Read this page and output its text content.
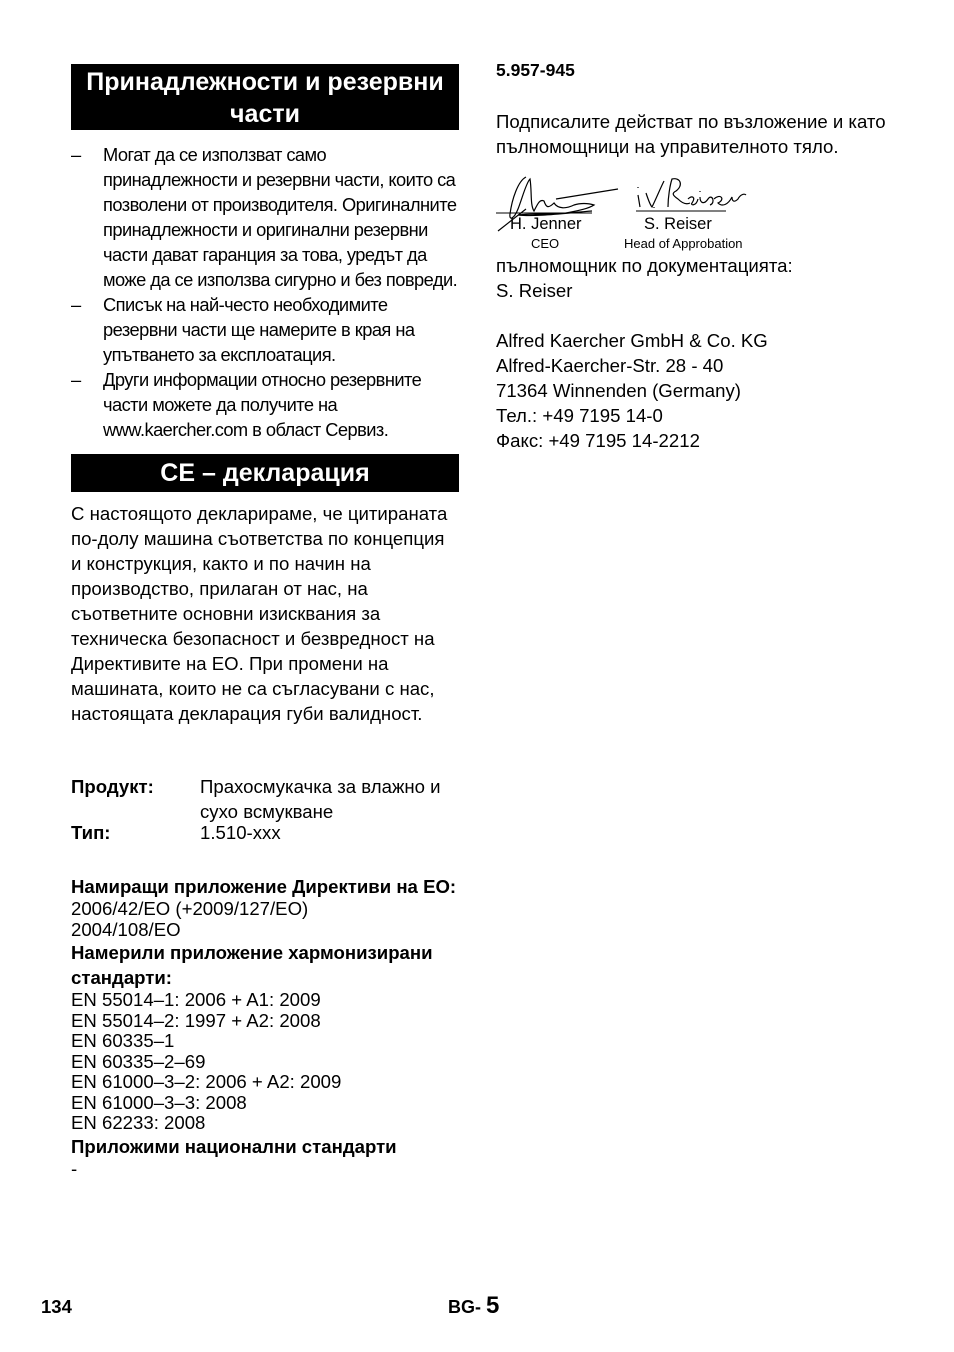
Принадлежности и резервни части
– Могат да се използват само принадлежности и резервни части, които са позволени от производителя. Оригиналните принадлежности и оригинални резервни части дават гаранция за това, уредът да може да се използва сигурно и без повреди.
– Списък на най-често необходимите резервни части ще намерите в края на упътването за експлоатация.
– Други информации относно резервните части можете да получите на www.kaercher.com в област Сервиз.
CE – декларация

С настоящото декларираме, че цитираната по-долу машина съответства по концепция и конструкция, както и по начин на производство, прилаган от нас, на съответните основни изисквания за техническа безопасност и безвредност на Директивите на ЕО. При промени на машината, които не са съгласувани с нас, настоящата декларация губи валидност.

Продукт:	Прахосмукачка за влажно и сухо всмукване
Тип:	1.510-xxx
Намиращи приложение Директиви на ЕО:
2006/42/ЕО (+2009/127/ЕО)
2004/108/ЕО
Намерили приложение хармонизирани стандарти:
EN 55014–1: 2006 + A1: 2009
EN 55014–2: 1997 + A2: 2008
EN 60335–1
EN 60335–2–69
EN 61000–3–2: 2006 + A2: 2009
EN 61000–3–3: 2008
EN 62233: 2008
Приложими национални стандарти
-
5.957-945

Подписалите действат по възложение и като пълномощници на управителното тяло.

H. Jenner	S. Reiser
CEO	Head of Approbation

пълномощник по документацията:

S. Reiser

Alfred Kaercher GmbH & Co. KG

Alfred-Kaercher-Str. 28 - 40

71364 Winnenden (Germany)

Тел.: +49 7195 14-0

Факс: +49 7195 14-2212

134	BG- 5
